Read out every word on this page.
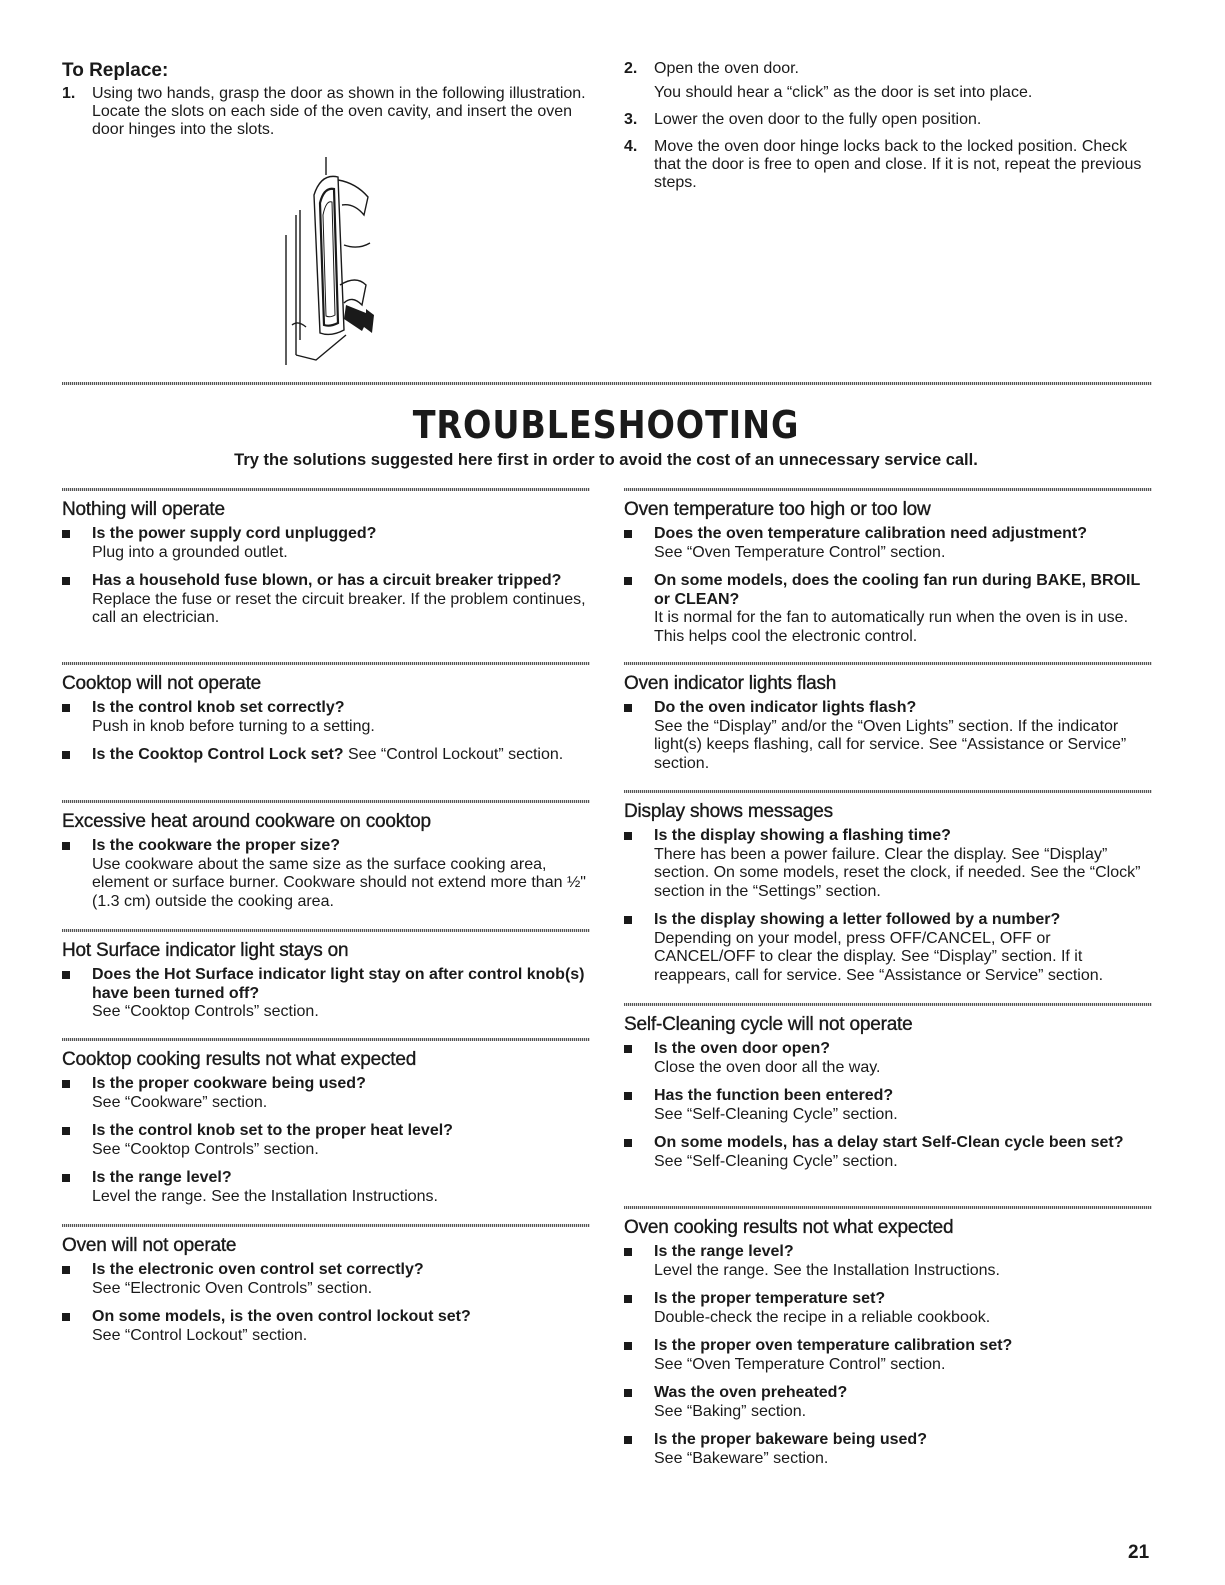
To Replace:
1. Using two hands, grasp the door as shown in the following illustration. Locate the slots on each side of the oven cavity, and insert the oven door hinges into the slots.
2. Open the oven door.
You should hear a “click” as the door is set into place.
3. Lower the oven door to the fully open position.
4. Move the oven door hinge locks back to the locked position. Check that the door is free to open and close. If it is not, repeat the previous steps.
TROUBLESHOOTING

Try the solutions suggested here first in order to avoid the cost of an unnecessary service call.

Nothing will operate
Is the power supply cord unplugged?
Plug into a grounded outlet.
Has a household fuse blown, or has a circuit breaker tripped?
Replace the fuse or reset the circuit breaker. If the problem continues, call an electrician.
Cooktop will not operate
Is the control knob set correctly?
Push in knob before turning to a setting.
Is the Cooktop Control Lock set? See “Control Lockout” section.
Excessive heat around cookware on cooktop
Is the cookware the proper size?
Use cookware about the same size as the surface cooking area, element or surface burner. Cookware should not extend more than ½" (1.3 cm) outside the cooking area.
Hot Surface indicator light stays on
Does the Hot Surface indicator light stay on after control knob(s) have been turned off?
See “Cooktop Controls” section.
Cooktop cooking results not what expected
Is the proper cookware being used?
See “Cookware” section.
Is the control knob set to the proper heat level?
See “Cooktop Controls” section.
Is the range level?
Level the range. See the Installation Instructions.
Oven will not operate
Is the electronic oven control set correctly?
See “Electronic Oven Controls” section.
On some models, is the oven control lockout set?
See “Control Lockout” section.
Oven temperature too high or too low
Does the oven temperature calibration need adjustment?
See “Oven Temperature Control” section.
On some models, does the cooling fan run during BAKE, BROIL or CLEAN?
It is normal for the fan to automatically run when the oven is in use. This helps cool the electronic control.
Oven indicator lights flash
Do the oven indicator lights flash?
See the “Display” and/or the “Oven Lights” section. If the indicator light(s) keeps flashing, call for service. See “Assistance or Service” section.
Display shows messages
Is the display showing a flashing time?
There has been a power failure. Clear the display. See “Display” section. On some models, reset the clock, if needed. See the “Clock” section in the “Settings” section.
Is the display showing a letter followed by a number?
Depending on your model, press OFF/CANCEL, OFF or CANCEL/OFF to clear the display. See “Display” section. If it reappears, call for service. See “Assistance or Service” section.
Self-Cleaning cycle will not operate
Is the oven door open?
Close the oven door all the way.
Has the function been entered?
See “Self-Cleaning Cycle” section.
On some models, has a delay start Self-Clean cycle been set?
See “Self-Cleaning Cycle” section.
Oven cooking results not what expected
Is the range level?
Level the range. See the Installation Instructions.
Is the proper temperature set?
Double-check the recipe in a reliable cookbook.
Is the proper oven temperature calibration set?
See “Oven Temperature Control” section.
Was the oven preheated?
See “Baking” section.
Is the proper bakeware being used?
See “Bakeware” section.
21
